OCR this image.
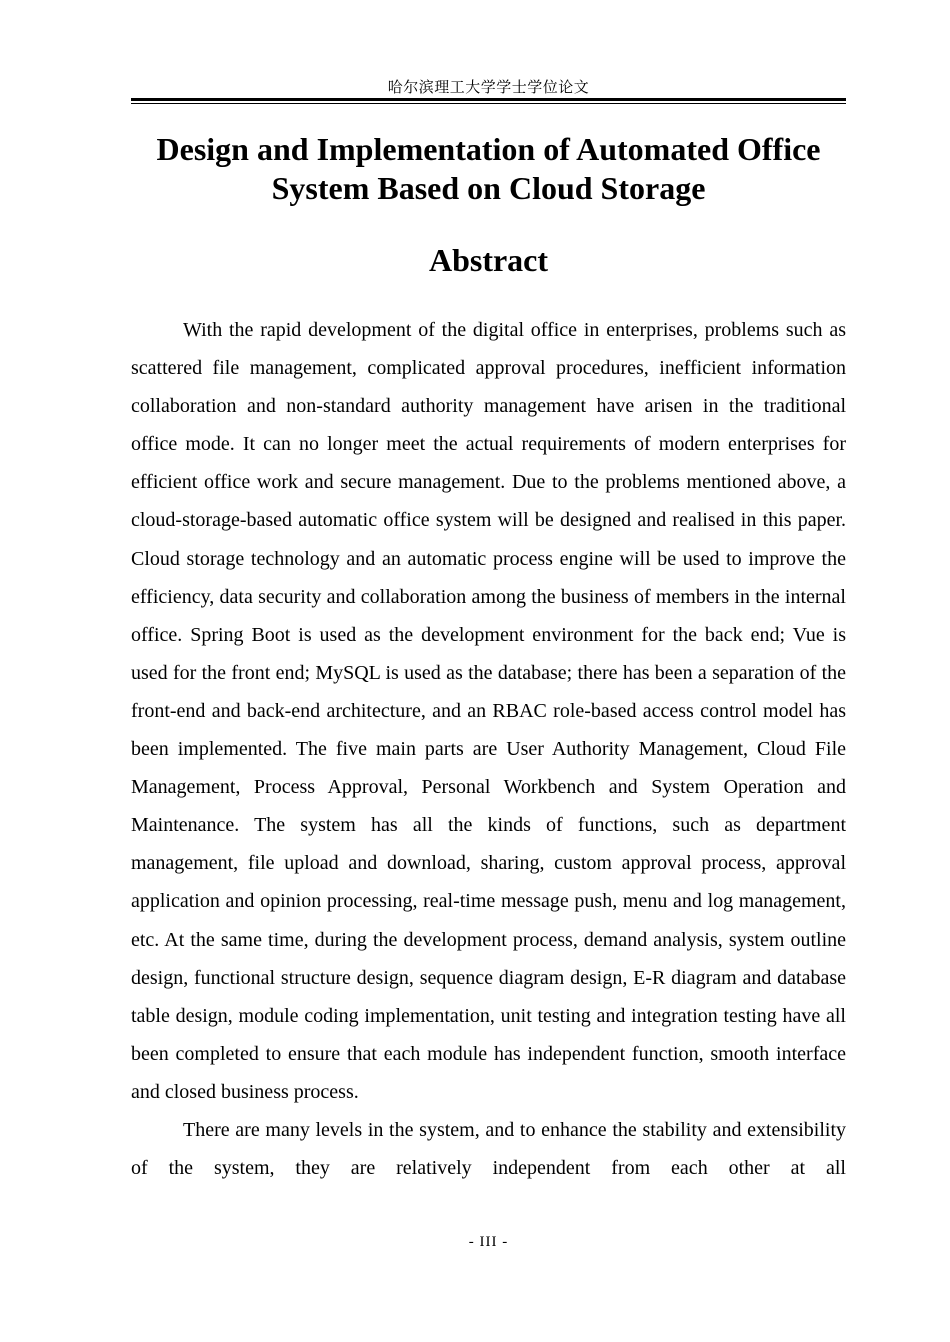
哈尔滨理工大学学士学位论文
Design and Implementation of Automated Office System Based on Cloud Storage
Abstract

With the rapid development of the digital office in enterprises, problems such as scattered file management, complicated approval procedures, inefficient information collaboration and non-standard authority management have arisen in the traditional office mode. It can no longer meet the actual requirements of modern enterprises for efficient office work and secure management. Due to the problems mentioned above, a cloud-storage-based automatic office system will be designed and realised in this paper. Cloud storage technology and an automatic process engine will be used to improve the efficiency, data security and collaboration among the business of members in the internal office. Spring Boot is used as the development environment for the back end; Vue is used for the front end; MySQL is used as the database; there has been a separation of the front-end and back-end architecture, and an RBAC role-based access control model has been implemented. The five main parts are User Authority Management, Cloud File Management, Process Approval, Personal Workbench and System Operation and Maintenance. The system has all the kinds of functions, such as department management, file upload and download, sharing, custom approval process, approval application and opinion processing, real-time message push, menu and log management, etc. At the same time, during the development process, demand analysis, system outline design, functional structure design, sequence diagram design, E-R diagram and database table design, module coding implementation, unit testing and integration testing have all been completed to ensure that each module has independent function, smooth interface and closed business process.

There are many levels in the system, and to enhance the stability and extensibility of the system, they are relatively independent from each other at all

- III -
